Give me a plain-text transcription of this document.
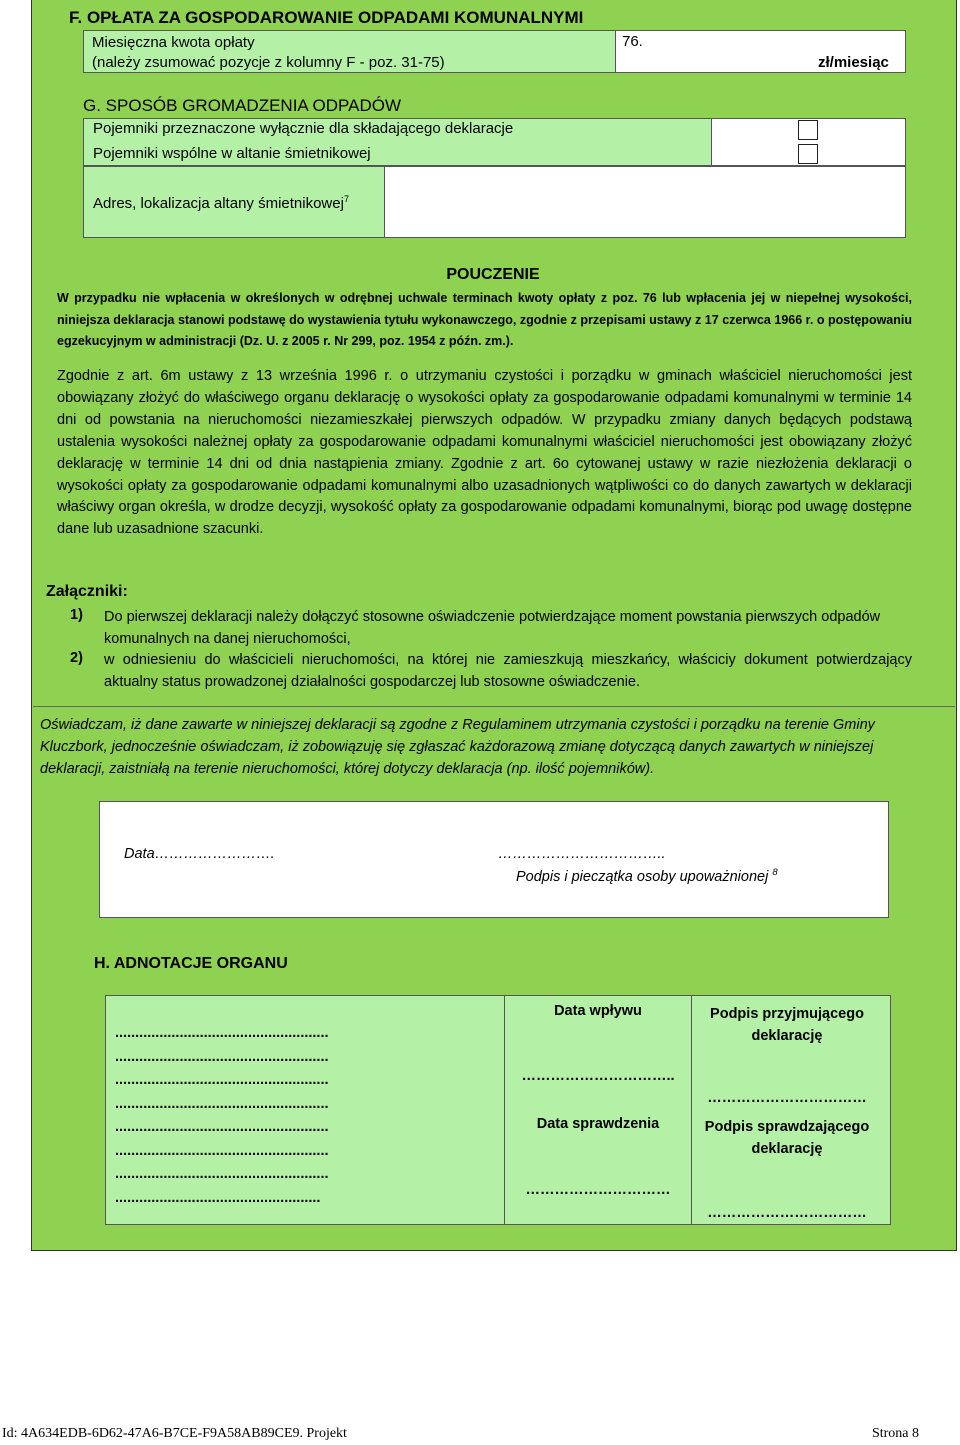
F. OPŁATA ZA GOSPODAROWANIE ODPADAMI KOMUNALNYMI
Miesięczna kwota opłaty
(należy zsumować pozycje z kolumny F - poz. 31-75)
76.
zł/miesiąc
G. SPOSÓB GROMADZENIA ODPADÓW
Pojemniki przeznaczone wyłącznie dla składającego deklaracje
Pojemniki wspólne w altanie śmietnikowej
Adres, lokalizacja altany śmietnikowej$^7$
POUCZENIE
W przypadku nie wpłacenia w określonych w odrębnej uchwale terminach kwoty opłaty z poz. 76 lub wpłacenia jej w niepełnej wysokości, niniejsza deklaracja stanowi podstawę do wystawienia tytułu wykonawczego, zgodnie z przepisami ustawy z 17 czerwca 1966 r. o postępowaniu egzekucyjnym w administracji (Dz. U. z 2005 r. Nr 299, poz. 1954 z późn. zm.).
Zgodnie z art. 6m ustawy z 13 września 1996 r. o utrzymaniu czystości i porządku w gminach właściciel nieruchomości jest obowiązany złożyć do właściwego organu deklarację o wysokości opłaty za gospodarowanie odpadami komunalnymi w terminie 14 dni od powstania na nieruchomości niezamieszkałej pierwszych odpadów. W przypadku zmiany danych będących podstawą ustalenia wysokości należnej opłaty za gospodarowanie odpadami komunalnymi właściciel nieruchomości jest obowiązany złożyć deklarację w terminie 14 dni od dnia nastąpienia zmiany. Zgodnie z art. 6o cytowanej ustawy w razie niezłożenia deklaracji o wysokości opłaty za gospodarowanie odpadami komunalnymi albo uzasadnionych wątpliwości co do danych zawartych w deklaracji właściwy organ określa, w drodze decyzji, wysokość opłaty za gospodarowanie odpadami komunalnymi, biorąc pod uwagę dostępne dane lub uzasadnione szacunki.
Załączniki:
1) Do pierwszej deklaracji należy dołączyć stosowne oświadczenie potwierdzające moment powstania pierwszych odpadów komunalnych na danej nieruchomości,
2) w odniesieniu do właścicieli nieruchomości, na której nie zamieszkują mieszkańcy, właściciy dokument potwierdzający aktualny status prowadzonej działalności gospodarczej lub stosowne oświadczenie.
Oświadczam, iż dane zawarte w niniejszej deklaracji są zgodne z Regulaminem utrzymania czystości i porządku na terenie Gminy Kluczbork, jednocześnie oświadczam, iż zobowiązuję się zgłaszać każdorazową zmianę dotyczącą danych zawartych w niniejszej deklaracji, zaistniałą na terenie nieruchomości, której dotyczy deklaracja (np. ilość pojemników).
Data…………………….	……………………………..
Podpis i pieczątka osoby upoważnionej $^8$
H. ADNOTACJE ORGANU
.....................................................
.....................................................
.....................................................
.....................................................
.....................................................
.....................................................
.....................................................
...................................................
Data wpływu
…………………………..
Podpis przyjmującego deklarację
……………………………
Data sprawdzenia
…………………………
Podpis sprawdzającego deklarację
……………………………
Id: 4A634EDB-6D62-47A6-B7CE-F9A58AB89CE9. Projekt	Strona 8
